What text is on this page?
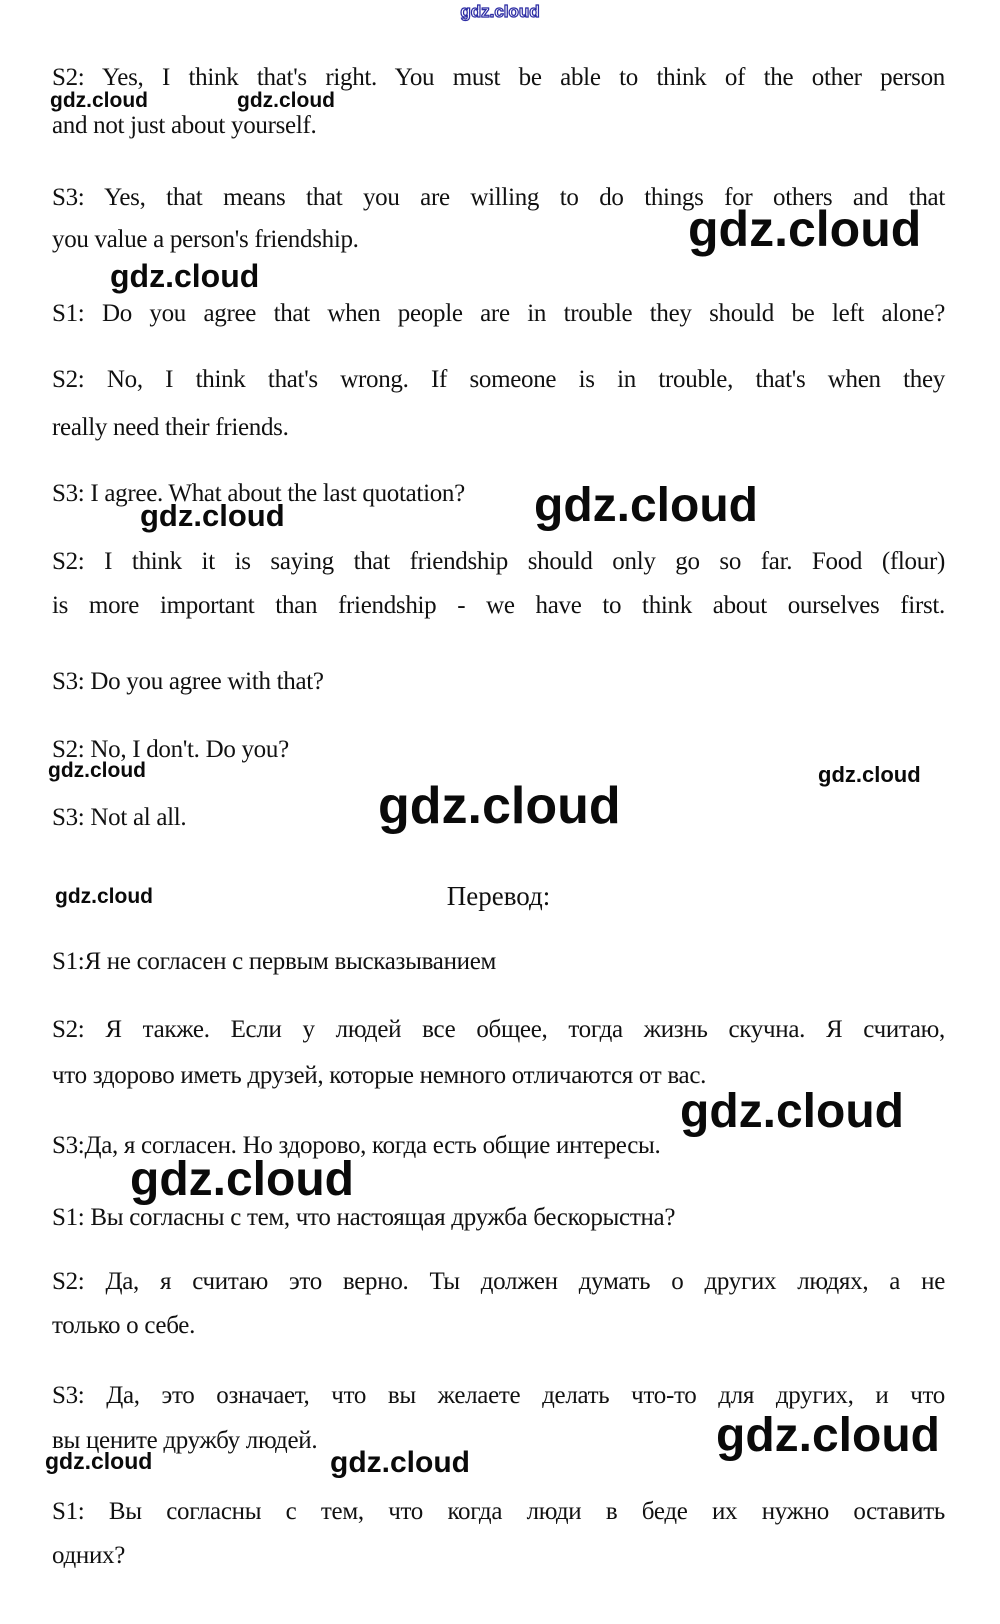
gdz.cloud
gdz.cloud	gdz.cloud
gdz.cloud
gdz.cloud
gdz.cloud	gdz.cloud
gdz.cloud
gdz.cloud
gdz.cloud
gdz.cloud
gdz.cloud
gdz.cloud
gdz.cloud
gdz.cloud	gdz.cloud
S2: Yes, I think that's right. You must be able to think of the other person
and not just about yourself.
S3: Yes, that means that you are willing to do things for others and that
you value a person's friendship.
S1: Do you agree that when people are in trouble they should be left alone?
S2: No, I think that's wrong. If someone is in trouble, that's when they
really need their friends.
S3: I agree. What about the last quotation?
S2: I think it is saying that friendship should only go so far. Food (flour)
is more important than friendship - we have to think about ourselves first.
S3: Do you agree with that?
S2: No, I don't. Do you?
S3: Not al all.
Перевод:
S1:Я не согласен с первым высказыванием
S2: Я также. Если у людей все общее, тогда жизнь скучна. Я считаю,
что здорово иметь друзей, которые немного отличаются от вас.
S3:Да, я согласен. Но здорово, когда есть общие интересы.
S1: Вы согласны с тем, что настоящая дружба бескорыстна?
S2: Да, я считаю это верно. Ты должен думать о других людях, а не
только о себе.
S3: Да, это означает, что вы желаете делать что-то для других, и что
вы цените дружбу людей.
S1: Вы согласны с тем, что когда люди в беде их нужно оставить
одних?
